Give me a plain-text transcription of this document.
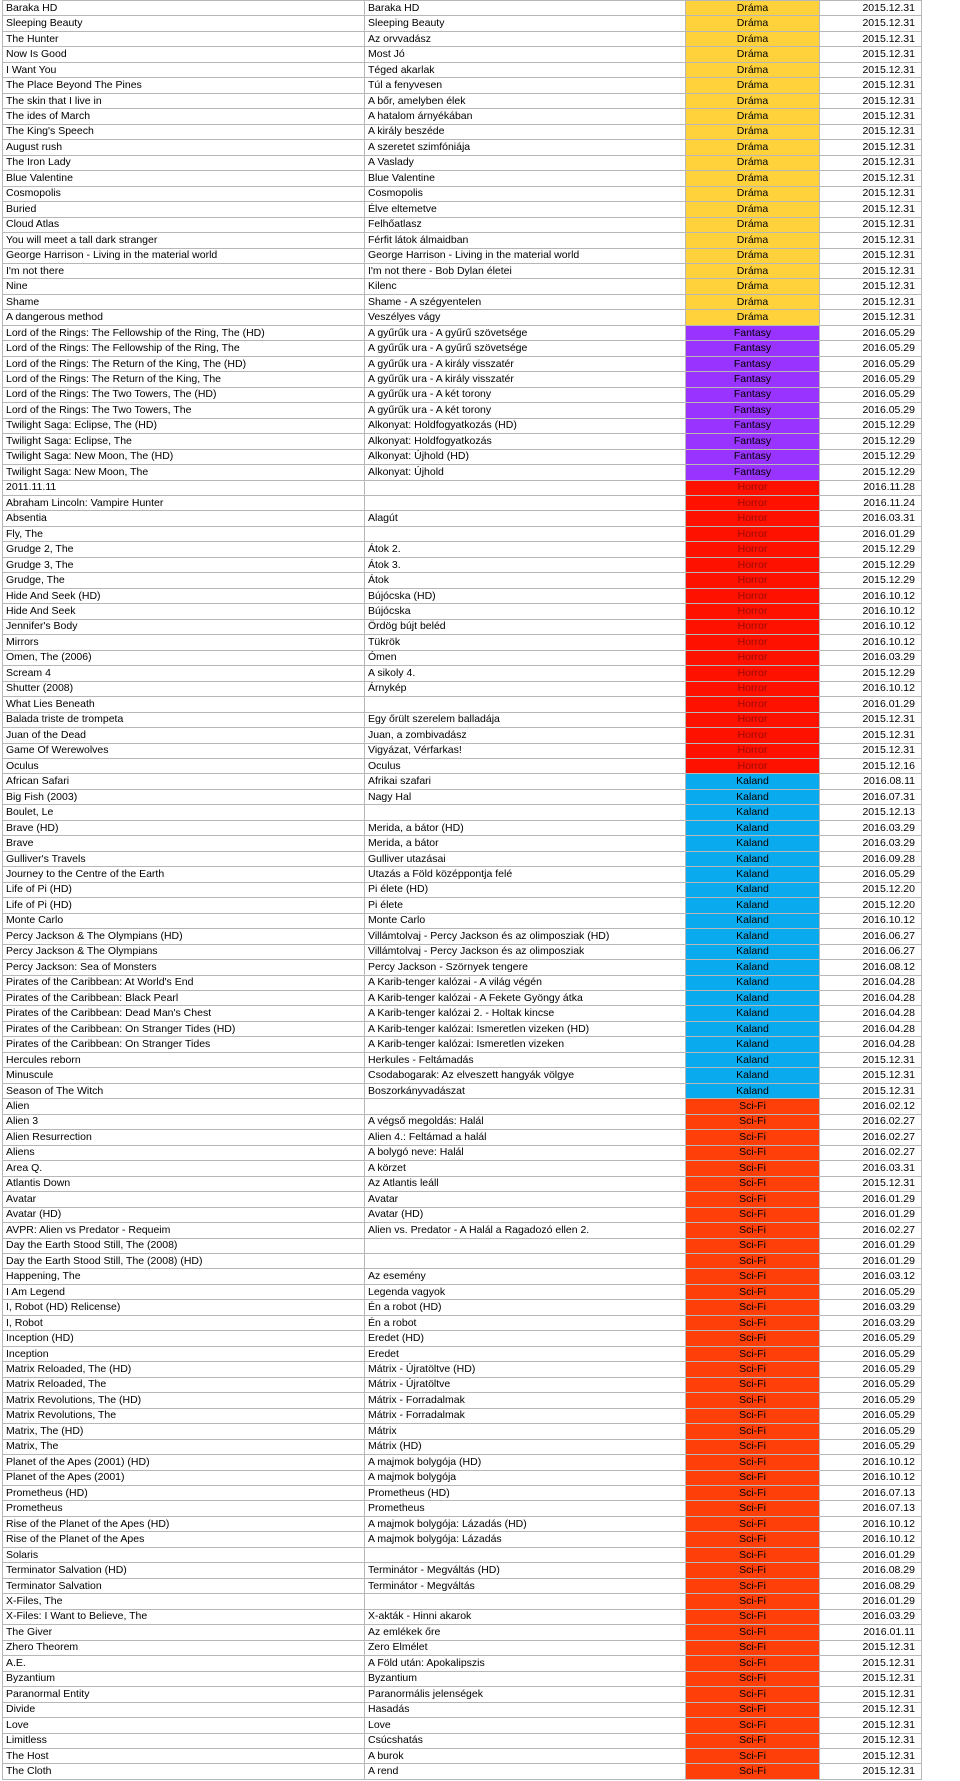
Baraka HD	Baraka HD	Dráma	2015.12.31
Sleeping Beauty	Sleeping Beauty	Dráma	2015.12.31
The Hunter	Az orvvadász	Dráma	2015.12.31
Now Is Good	Most Jó	Dráma	2015.12.31
I Want You	Téged akarlak	Dráma	2015.12.31
The Place Beyond The Pines	Túl a fenyvesen	Dráma	2015.12.31
The skin that I live in	A bőr, amelyben élek	Dráma	2015.12.31
The ides of March	A hatalom árnyékában	Dráma	2015.12.31
The King's Speech	A király beszéde	Dráma	2015.12.31
August rush	A szeretet szimfóniája	Dráma	2015.12.31
The Iron Lady	A Vaslady	Dráma	2015.12.31
Blue Valentine	Blue Valentine	Dráma	2015.12.31
Cosmopolis	Cosmopolis	Dráma	2015.12.31
Buried	Élve eltemetve	Dráma	2015.12.31
Cloud Atlas	Felhőatlasz	Dráma	2015.12.31
You will meet a tall dark stranger	Férfit látok álmaidban	Dráma	2015.12.31
George Harrison - Living in the material world	George Harrison - Living in the material world	Dráma	2015.12.31
I'm not there	I'm not there - Bob Dylan életei	Dráma	2015.12.31
Nine	Kilenc	Dráma	2015.12.31
Shame	Shame - A szégyentelen	Dráma	2015.12.31
A dangerous method	Veszélyes vágy	Dráma	2015.12.31
Lord of the Rings: The Fellowship of the Ring, The (HD)	A gyűrűk ura - A gyűrű szövetsége	Fantasy	2016.05.29
Lord of the Rings: The Fellowship of the Ring, The	A gyűrűk ura - A gyűrű szövetsége	Fantasy	2016.05.29
Lord of the Rings: The Return of the King, The (HD)	A gyűrűk ura - A király visszatér	Fantasy	2016.05.29
Lord of the Rings: The Return of the King, The	A gyűrűk ura - A király visszatér	Fantasy	2016.05.29
Lord of the Rings: The Two Towers, The (HD)	A gyűrűk ura - A két torony	Fantasy	2016.05.29
Lord of the Rings: The Two Towers, The	A gyűrűk ura - A két torony	Fantasy	2016.05.29
Twilight Saga: Eclipse, The (HD)	Alkonyat: Holdfogyatkozás (HD)	Fantasy	2015.12.29
Twilight Saga: Eclipse, The	Alkonyat: Holdfogyatkozás	Fantasy	2015.12.29
Twilight Saga: New Moon, The (HD)	Alkonyat: Újhold (HD)	Fantasy	2015.12.29
Twilight Saga: New Moon, The	Alkonyat: Újhold	Fantasy	2015.12.29
2011.11.11		Horror	2016.11.28
Abraham Lincoln: Vampire Hunter		Horror	2016.11.24
Absentia	Alagút	Horror	2016.03.31
Fly, The		Horror	2016.01.29
Grudge 2, The	Átok 2.	Horror	2015.12.29
Grudge 3, The	Átok 3.	Horror	2015.12.29
Grudge, The	Átok	Horror	2015.12.29
Hide And Seek (HD)	Bújócska (HD)	Horror	2016.10.12
Hide And Seek	Bújócska	Horror	2016.10.12
Jennifer's Body	Ördög bújt beléd	Horror	2016.10.12
Mirrors	Tükrök	Horror	2016.10.12
Omen, The (2006)	Ómen	Horror	2016.03.29
Scream 4	A sikoly 4.	Horror	2015.12.29
Shutter (2008)	Árnykép	Horror	2016.10.12
What Lies Beneath		Horror	2016.01.29
Balada triste de trompeta	Egy őrült szerelem balladája	Horror	2015.12.31
Juan of the Dead	Juan, a zombivadász	Horror	2015.12.31
Game Of Werewolves	Vigyázat, Vérfarkas!	Horror	2015.12.31
Oculus	Oculus	Horror	2015.12.16
African Safari	Afrikai szafari	Kaland	2016.08.11
Big Fish (2003)	Nagy Hal	Kaland	2016.07.31
Boulet, Le		Kaland	2015.12.13
Brave (HD)	Merida, a bátor (HD)	Kaland	2016.03.29
Brave	Merida, a bátor	Kaland	2016.03.29
Gulliver's Travels	Gulliver utazásai	Kaland	2016.09.28
Journey to the Centre of the Earth	Utazás a Föld középpontja felé	Kaland	2016.05.29
Life of Pi (HD)	Pi élete (HD)	Kaland	2015.12.20
Life of Pi (HD)	Pi élete	Kaland	2015.12.20
Monte Carlo	Monte Carlo	Kaland	2016.10.12
Percy Jackson & The Olympians (HD)	Villámtolvaj - Percy Jackson és az olimposziak (HD)	Kaland	2016.06.27
Percy Jackson & The Olympians	Villámtolvaj - Percy Jackson és az olimposziak	Kaland	2016.06.27
Percy Jackson: Sea of Monsters	Percy Jackson - Szörnyek tengere	Kaland	2016.08.12
Pirates of the Caribbean: At World's End	A Karib-tenger kalózai - A világ végén	Kaland	2016.04.28
Pirates of the Caribbean: Black Pearl	A Karib-tenger kalózai - A Fekete Gyöngy átka	Kaland	2016.04.28
Pirates of the Caribbean: Dead Man's Chest	A Karib-tenger kalózai 2. - Holtak kincse	Kaland	2016.04.28
Pirates of the Caribbean: On Stranger Tides (HD)	A Karib-tenger kalózai: Ismeretlen vizeken (HD)	Kaland	2016.04.28
Pirates of the Caribbean: On Stranger Tides	A Karib-tenger kalózai: Ismeretlen vizeken	Kaland	2016.04.28
Hercules reborn	Herkules - Feltámadás	Kaland	2015.12.31
Minuscule	Csodabogarak: Az elveszett hangyák völgye	Kaland	2015.12.31
Season of The Witch	Boszorkányvadászat	Kaland	2015.12.31
Alien		Sci-Fi	2016.02.12
Alien 3	A végső megoldás: Halál	Sci-Fi	2016.02.27
Alien Resurrection	Alien 4.: Feltámad a halál	Sci-Fi	2016.02.27
Aliens	A bolygó neve: Halál	Sci-Fi	2016.02.27
Area Q.	A körzet	Sci-Fi	2016.03.31
Atlantis Down	Az Atlantis leáll	Sci-Fi	2015.12.31
Avatar	Avatar	Sci-Fi	2016.01.29
Avatar (HD)	Avatar (HD)	Sci-Fi	2016.01.29
AVPR: Alien vs Predator - Requeim	Alien vs. Predator - A Halál a Ragadozó ellen 2.	Sci-Fi	2016.02.27
Day the Earth Stood Still, The (2008)		Sci-Fi	2016.01.29
Day the Earth Stood Still, The (2008) (HD)		Sci-Fi	2016.01.29
Happening, The	Az esemény	Sci-Fi	2016.03.12
I Am Legend	Legenda vagyok	Sci-Fi	2016.05.29
I, Robot (HD) Relicense)	Én a robot (HD)	Sci-Fi	2016.03.29
I, Robot	Én a robot	Sci-Fi	2016.03.29
Inception (HD)	Eredet (HD)	Sci-Fi	2016.05.29
Inception	Eredet	Sci-Fi	2016.05.29
Matrix Reloaded, The (HD)	Mátrix - Újratöltve (HD)	Sci-Fi	2016.05.29
Matrix Reloaded, The	Mátrix - Újratöltve	Sci-Fi	2016.05.29
Matrix Revolutions, The (HD)	Mátrix - Forradalmak	Sci-Fi	2016.05.29
Matrix Revolutions, The	Mátrix - Forradalmak	Sci-Fi	2016.05.29
Matrix, The (HD)	Mátrix	Sci-Fi	2016.05.29
Matrix, The	Mátrix (HD)	Sci-Fi	2016.05.29
Planet of the Apes (2001) (HD)	A majmok bolygója (HD)	Sci-Fi	2016.10.12
Planet of the Apes (2001)	A majmok bolygója	Sci-Fi	2016.10.12
Prometheus (HD)	Prometheus (HD)	Sci-Fi	2016.07.13
Prometheus	Prometheus	Sci-Fi	2016.07.13
Rise of the Planet of the Apes (HD)	A majmok bolygója: Lázadás (HD)	Sci-Fi	2016.10.12
Rise of the Planet of the Apes	A majmok bolygója: Lázadás	Sci-Fi	2016.10.12
Solaris		Sci-Fi	2016.01.29
Terminator Salvation (HD)	Terminátor - Megváltás (HD)	Sci-Fi	2016.08.29
Terminator Salvation	Terminátor - Megváltás	Sci-Fi	2016.08.29
X-Files, The		Sci-Fi	2016.01.29
X-Files: I Want to Believe, The	X-akták - Hinni akarok	Sci-Fi	2016.03.29
The Giver	Az emlékek őre	Sci-Fi	2016.01.11
Zhero Theorem	Zero Elmélet	Sci-Fi	2015.12.31
A.E.	A Föld után: Apokalipszis	Sci-Fi	2015.12.31
Byzantium	Byzantium	Sci-Fi	2015.12.31
Paranormal Entity	Paranormális jelenségek	Sci-Fi	2015.12.31
Divide	Hasadás	Sci-Fi	2015.12.31
Love	Love	Sci-Fi	2015.12.31
Limitless	Csúcshatás	Sci-Fi	2015.12.31
The Host	A burok	Sci-Fi	2015.12.31
The Cloth	A rend	Sci-Fi	2015.12.31
